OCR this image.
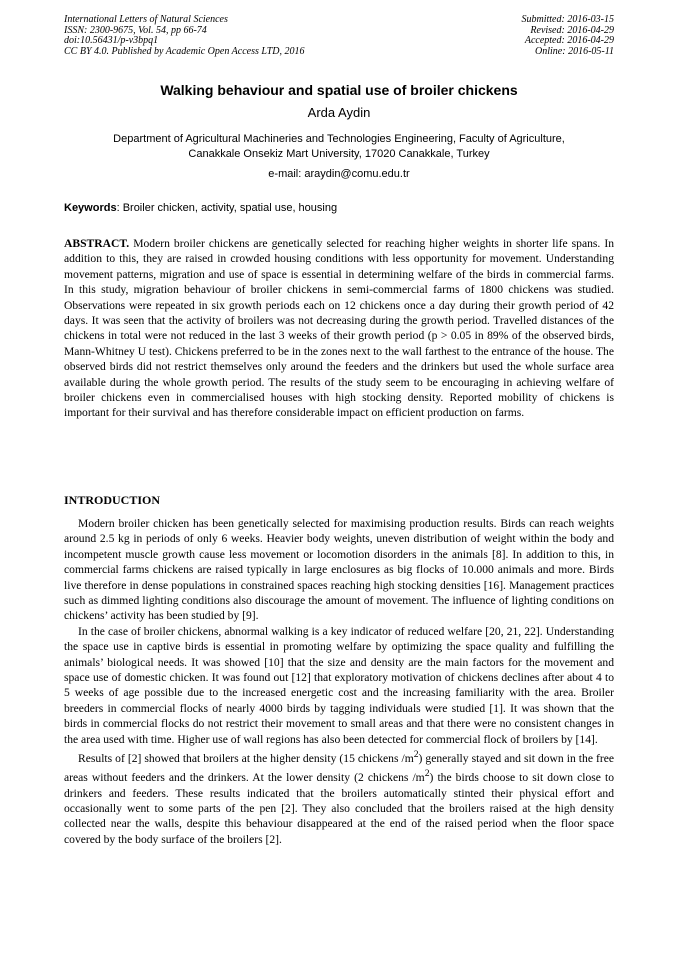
International Letters of Natural Sciences
ISSN: 2300-9675, Vol. 54, pp 66-74
doi:10.56431/p-v3bpq1
CC BY 4.0. Published by Academic Open Access LTD, 2016
Submitted: 2016-03-15
Revised: 2016-04-29
Accepted: 2016-04-29
Online: 2016-05-11
Walking behaviour and spatial use of broiler chickens
Arda Aydin
Department of Agricultural Machineries and Technologies Engineering, Faculty of Agriculture,
Canakkale Onsekiz Mart University, 17020 Canakkale, Turkey
e-mail: araydin@comu.edu.tr
Keywords: Broiler chicken, activity, spatial use, housing
ABSTRACT. Modern broiler chickens are genetically selected for reaching higher weights in shorter life spans. In addition to this, they are raised in crowded housing conditions with less opportunity for movement. Understanding movement patterns, migration and use of space is essential in determining welfare of the birds in commercial farms. In this study, migration behaviour of broiler chickens in semi-commercial farms of 1800 chickens was studied. Observations were repeated in six growth periods each on 12 chickens once a day during their growth period of 42 days. It was seen that the activity of broilers was not decreasing during the growth period. Travelled distances of the chickens in total were not reduced in the last 3 weeks of their growth period (p > 0.05 in 89% of the observed birds, Mann-Whitney U test). Chickens preferred to be in the zones next to the wall farthest to the entrance of the house. The observed birds did not restrict themselves only around the feeders and the drinkers but used the whole surface area available during the whole growth period. The results of the study seem to be encouraging in achieving welfare of broiler chickens even in commercialised houses with high stocking density. Reported mobility of chickens is important for their survival and has therefore considerable impact on efficient production on farms.
INTRODUCTION

Modern broiler chicken has been genetically selected for maximising production results. Birds can reach weights around 2.5 kg in periods of only 6 weeks. Heavier body weights, uneven distribution of weight within the body and incompetent muscle growth cause less movement or locomotion disorders in the animals [8]. In addition to this, in commercial farms chickens are raised typically in large enclosures as big flocks of 10.000 animals and more. Birds live therefore in dense populations in constrained spaces reaching high stocking densities [16]. Management practices such as dimmed lighting conditions also discourage the amount of movement. The influence of lighting conditions on chickens’ activity has been studied by [9].

In the case of broiler chickens, abnormal walking is a key indicator of reduced welfare [20, 21, 22]. Understanding the space use in captive birds is essential in promoting welfare by optimizing the space quality and fulfilling the animals’ biological needs. It was showed [10] that the size and density are the main factors for the movement and space use of domestic chicken. It was found out [12] that exploratory motivation of chickens declines after about 4 to 5 weeks of age possible due to the increased energetic cost and the increasing familiarity with the area. Broiler breeders in commercial flocks of nearly 4000 birds by tagging individuals were studied [1]. It was shown that the birds in commercial flocks do not restrict their movement to small areas and that there were no consistent changes in the area used with time. Higher use of wall regions has also been detected for commercial flock of broilers by [14].

Results of [2] showed that broilers at the higher density (15 chickens $/m^2$) generally stayed and sit down in the free areas without feeders and the drinkers. At the lower density (2 chickens $/m^2$) the birds choose to sit down close to drinkers and feeders. These results indicated that the broilers automatically stinted their physical effort and occasionally went to some parts of the pen [2]. They also concluded that the broilers raised at the high density collected near the walls, despite this behaviour disappeared at the end of the raised period when the floor space covered by the body surface of the broilers [2].
